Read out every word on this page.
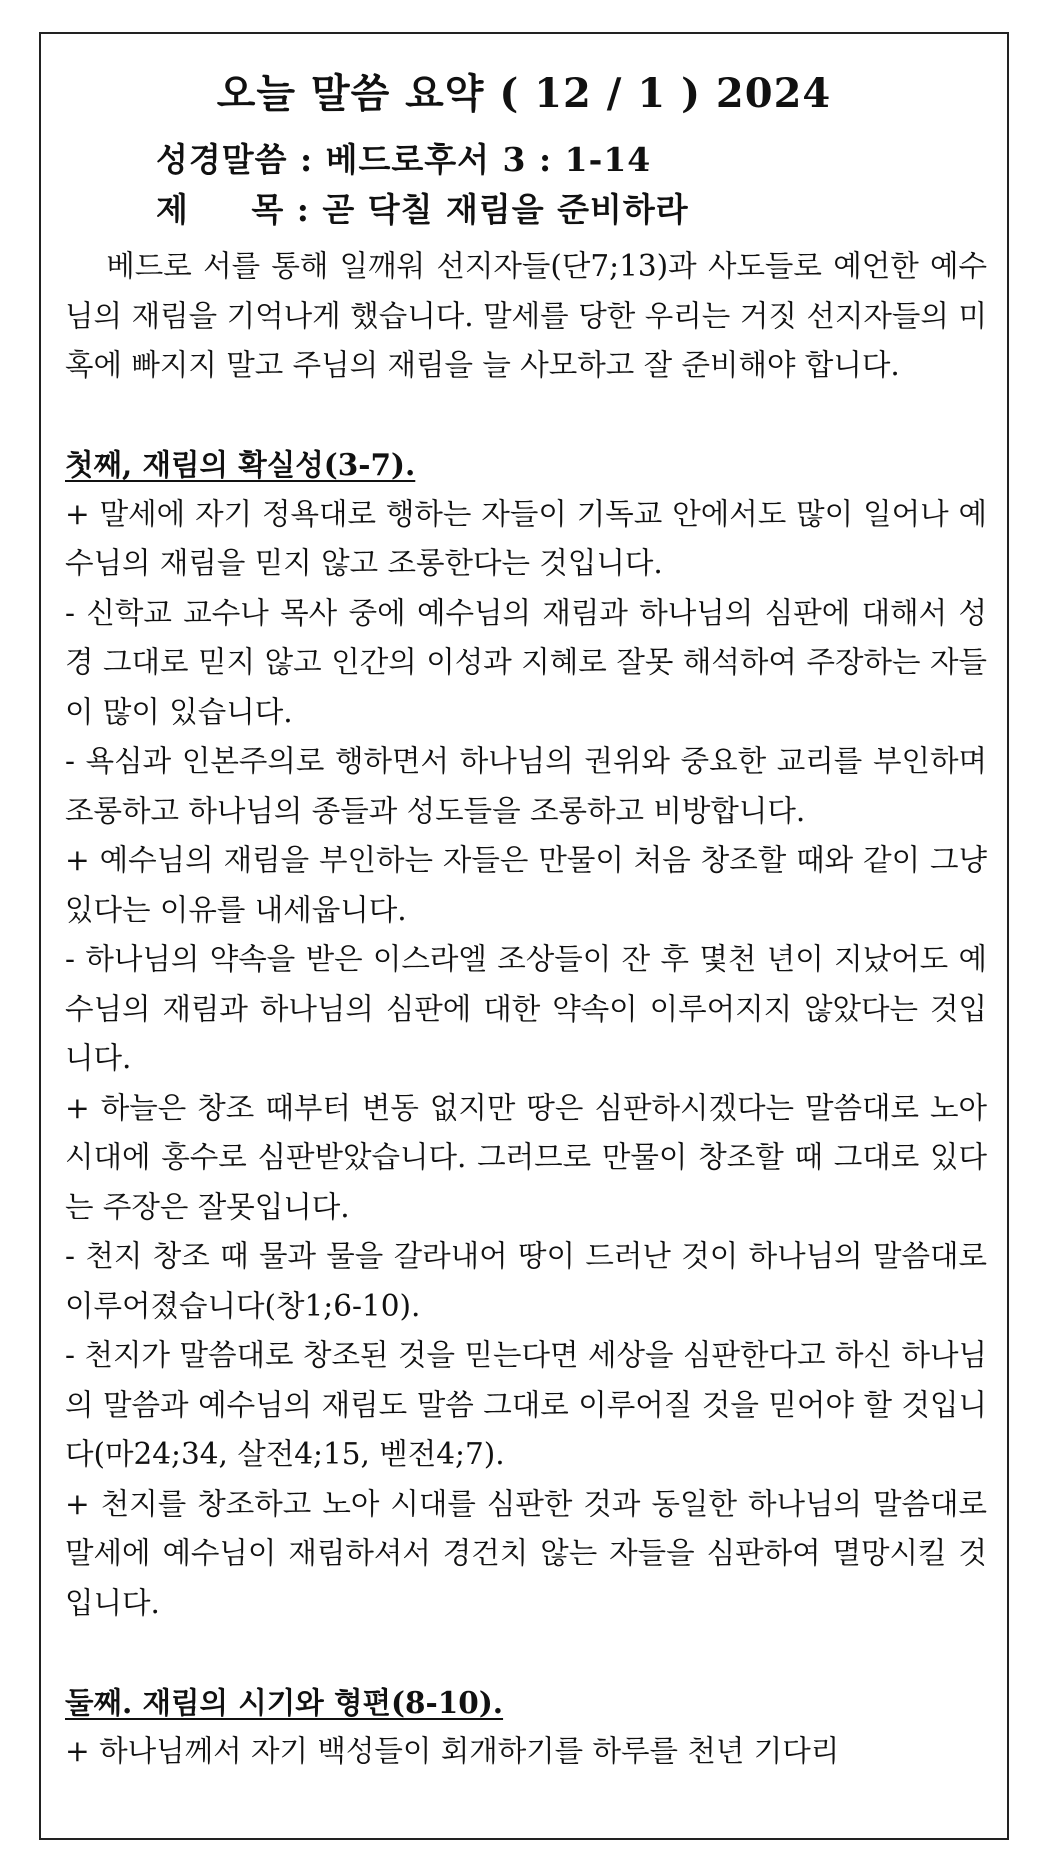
오늘 말씀 요약 ( 12 / 1 ) 2024
성경말씀 : 베드로후서 3 : 1-14
제     목 : 곧 닥칠 재림을 준비하라

베드로 서를 통해 일깨워 선지자들(단7;13)과 사도들로 예언한 예수님의 재림을 기억나게 했습니다. 말세를 당한 우리는 거짓 선지자들의 미혹에 빠지지 말고 주님의 재림을 늘 사모하고 잘 준비해야 합니다.

첫째, 재림의 확실성(3-7).

+ 말세에 자기 정욕대로 행하는 자들이 기독교 안에서도 많이 일어나 예수님의 재림을 믿지 않고 조롱한다는 것입니다.

- 신학교 교수나 목사 중에 예수님의 재림과 하나님의 심판에 대해서 성경 그대로 믿지 않고 인간의 이성과 지혜로 잘못 해석하여 주장하는 자들이 많이 있습니다.

- 욕심과 인본주의로 행하면서 하나님의 권위와 중요한 교리를 부인하며 조롱하고 하나님의 종들과 성도들을 조롱하고 비방합니다.

+ 예수님의 재림을 부인하는 자들은 만물이 처음 창조할 때와 같이 그냥 있다는 이유를 내세웁니다.

- 하나님의 약속을 받은 이스라엘 조상들이 잔 후 몇천 년이 지났어도 예수님의 재림과 하나님의 심판에 대한 약속이 이루어지지 않았다는 것입니다.

+ 하늘은 창조 때부터 변동 없지만 땅은 심판하시겠다는 말씀대로 노아 시대에 홍수로 심판받았습니다. 그러므로 만물이 창조할 때 그대로 있다는 주장은 잘못입니다.

- 천지 창조 때 물과 물을 갈라내어 땅이 드러난 것이 하나님의 말씀대로 이루어졌습니다(창1;6-10).

- 천지가 말씀대로 창조된 것을 믿는다면 세상을 심판한다고 하신 하나님의 말씀과 예수님의 재림도 말씀 그대로 이루어질 것을 믿어야 할 것입니다(마24;34, 살전4;15, 벧전4;7).

+ 천지를 창조하고 노아 시대를 심판한 것과 동일한 하나님의 말씀대로 말세에 예수님이 재림하셔서 경건치 않는 자들을 심판하여 멸망시킬 것입니다.

둘째. 재림의 시기와 형편(8-10).

+ 하나님께서 자기 백성들이 회개하기를 하루를 천년 기다리
